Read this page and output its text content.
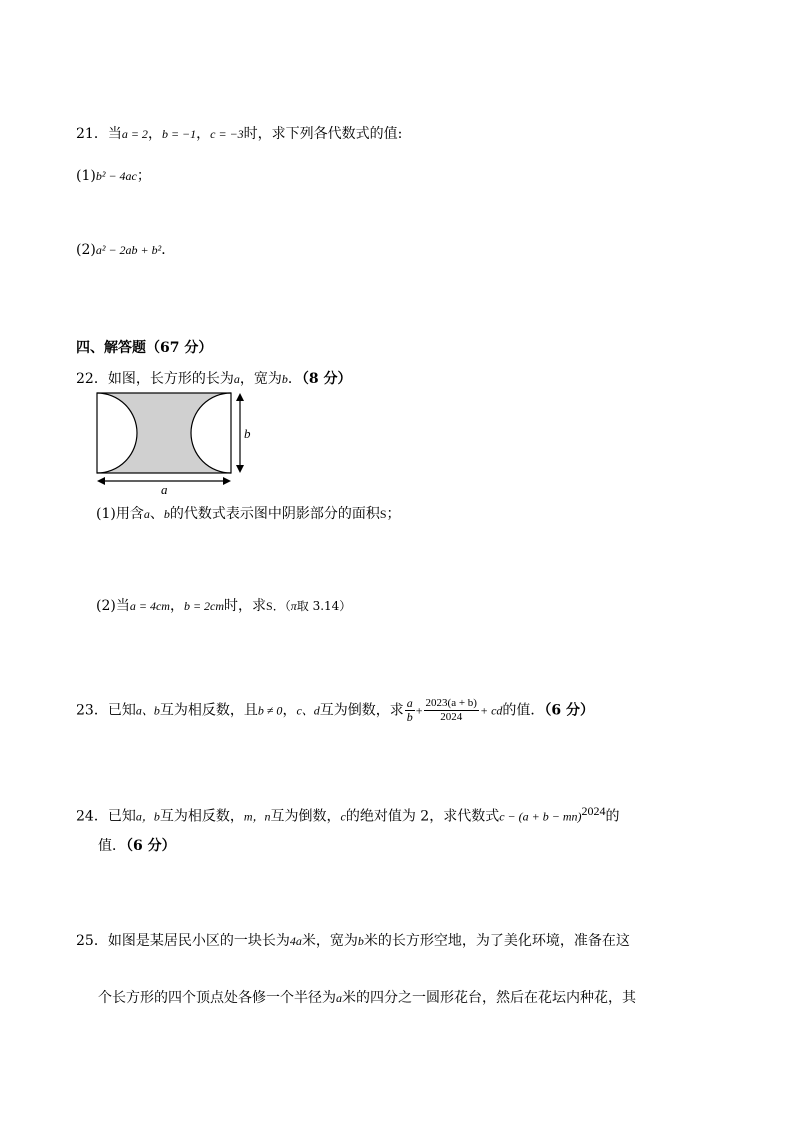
21．当a = 2，b = −1，c = −3时，求下列各代数式的值:
(1)b² − 4ac；
(2)a² − 2ab + b²．
四、解答题（67 分）
22．如图，长方形的长为a，宽为b．（8 分）
b
a
(1)用含a、b的代数式表示图中阴影部分的面积S；
(2)当a = 4cm，b = 2cm时，求S．（π取 3.14）
23．已知a、b互为相反数，且b ≠ 0，c、d互为倒数，求 $\frac{a}{b} + \frac{2023(a + b)}{2024}$ + cd的值．（6 分）
24．已知a，b互为相反数，m，n互为倒数，c的绝对值为 2，求代数式c − (a + b − mn)$^{2024}$的
值．（6 分）
25．如图是某居民小区的一块长为4a米，宽为b米的长方形空地，为了美化环境，准备在这
个长方形的四个顶点处各修一个半径为a米的四分之一圆形花台，然后在花坛内种花，其
